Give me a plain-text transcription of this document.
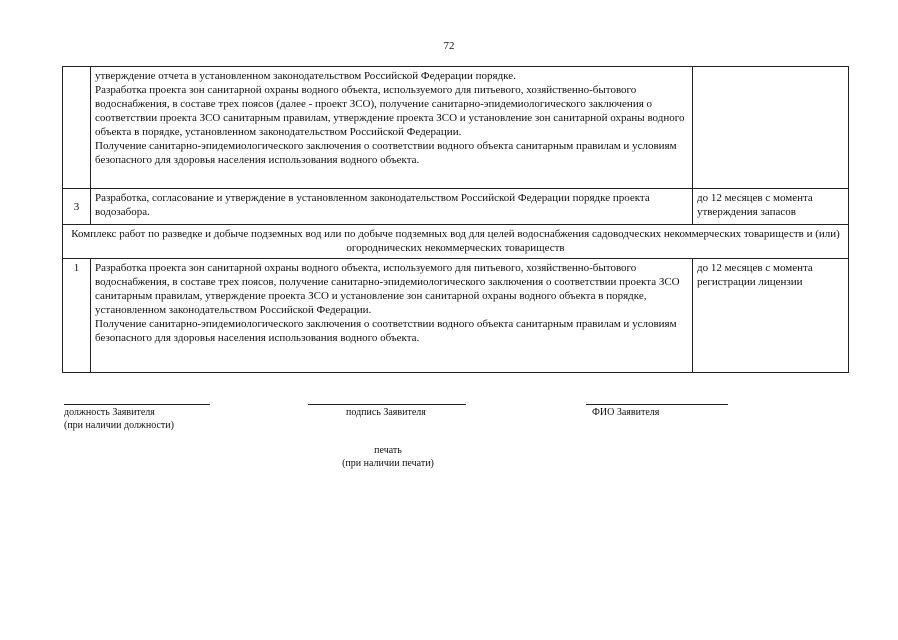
72

	утверждение отчета в установленном законодательством Российской Федерации порядке.
Разработка проекта зон санитарной охраны водного объекта, используемого для питьевого, хозяйственно-бытового водоснабжения, в составе трех поясов (далее - проект ЗСО), получение санитарно-эпидемиологического заключения о соответствии проекта ЗСО санитарным правилам, утверждение проекта ЗСО и установление зон санитарной охраны водного объекта в порядке, установленном законодательством Российской Федерации.
Получение санитарно-эпидемиологического заключения о соответствии водного объекта санитарным правилам и условиям безопасного для здоровья населения использования водного объекта.	

3	Разработка, согласование и утверждение в установленном законодательством Российской Федерации порядке проекта водозабора.	до 12 месяцев с момента утверждения запасов
Комплекс работ по разведке и добыче подземных вод или по добыче подземных вод для целей водоснабжения садоводческих некоммерческих товариществ и (или) огороднических некоммерческих товариществ		
1	Разработка проекта зон санитарной охраны водного объекта, используемого для питьевого, хозяйственно-бытового водоснабжения, в составе трех поясов, получение санитарно-эпидемиологического заключения о соответствии проекта ЗСО санитарным правилам, утверждение проекта ЗСО и установление зон санитарной охраны водного объекта в порядке, установленном законодательством Российской Федерации.
Получение санитарно-эпидемиологического заключения о соответствии водного объекта санитарным правилам и условиям безопасного для здоровья населения использования водного объекта.	до 12 месяцев с момента регистрации лицензии
должность Заявителя
(при наличии должности)
подпись Заявителя	ФИО Заявителя
печать
(при наличии печати)
